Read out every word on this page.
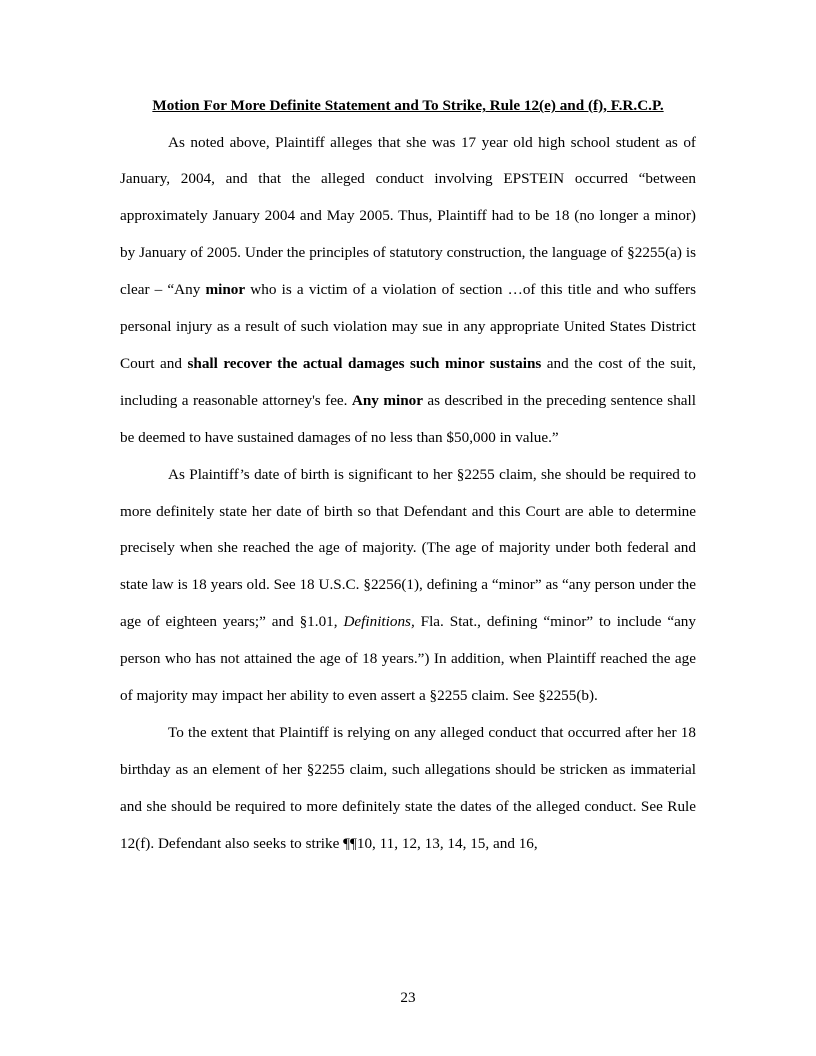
Motion For More Definite Statement and To Strike, Rule 12(e) and (f), F.R.C.P.

As noted above, Plaintiff alleges that she was 17 year old high school student as of January, 2004, and that the alleged conduct involving EPSTEIN occurred “between approximately January 2004 and May 2005. Thus, Plaintiff had to be 18 (no longer a minor) by January of 2005. Under the principles of statutory construction, the language of §2255(a) is clear – “Any minor who is a victim of a violation of section …of this title and who suffers personal injury as a result of such violation may sue in any appropriate United States District Court and shall recover the actual damages such minor sustains and the cost of the suit, including a reasonable attorney's fee. Any minor as described in the preceding sentence shall be deemed to have sustained damages of no less than $50,000 in value.”

As Plaintiff’s date of birth is significant to her §2255 claim, she should be required to more definitely state her date of birth so that Defendant and this Court are able to determine precisely when she reached the age of majority. (The age of majority under both federal and state law is 18 years old. See 18 U.S.C. §2256(1), defining a “minor” as “any person under the age of eighteen years;” and §1.01, Definitions, Fla. Stat., defining “minor” to include “any person who has not attained the age of 18 years.”) In addition, when Plaintiff reached the age of majority may impact her ability to even assert a §2255 claim. See §2255(b).

To the extent that Plaintiff is relying on any alleged conduct that occurred after her 18 birthday as an element of her §2255 claim, such allegations should be stricken as immaterial and she should be required to more definitely state the dates of the alleged conduct. See Rule 12(f). Defendant also seeks to strike ¶¶10, 11, 12, 13, 14, 15, and 16,

23
